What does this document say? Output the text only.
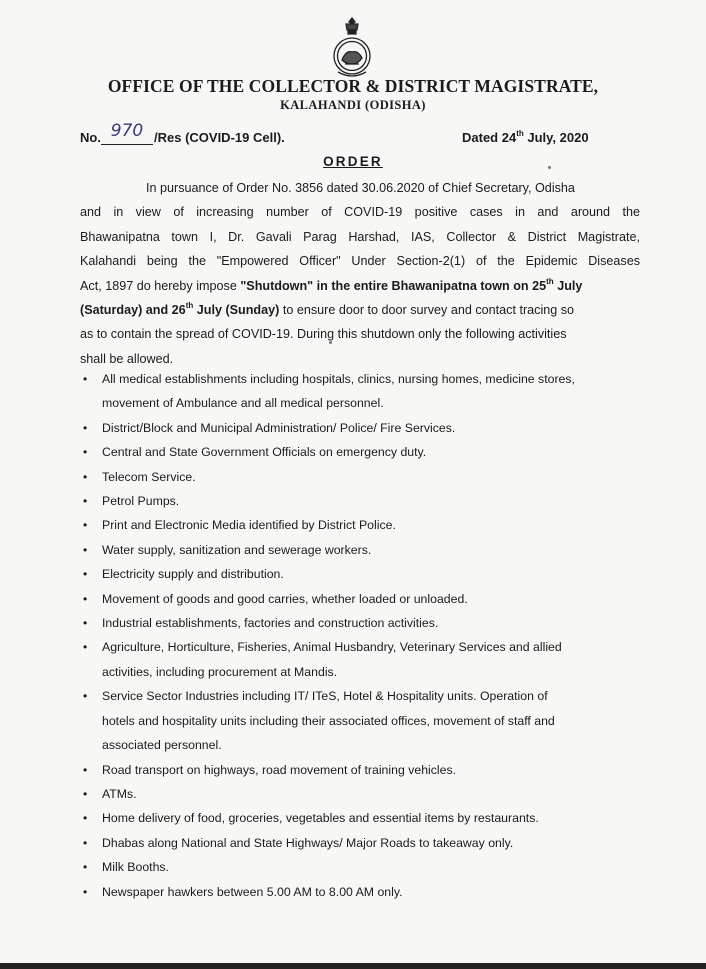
OFFICE OF THE COLLECTOR & DISTRICT MAGISTRATE,
KALAHANDI (ODISHA)
No. 970 /Res (COVID-19 Cell).	Dated 24th July, 2020
ORDER
In pursuance of Order No. 3856 dated 30.06.2020 of Chief Secretary, Odisha
and in view of increasing number of COVID-19 positive cases in and around the
Bhawanipatna town I, Dr. Gavali Parag Harshad, IAS, Collector & District Magistrate,
Kalahandi being the "Empowered Officer" Under Section-2(1) of the Epidemic Diseases
Act, 1897 do hereby impose "Shutdown" in the entire Bhawanipatna town on 25th July
(Saturday) and 26th July (Sunday) to ensure door to door survey and contact tracing so
as to contain the spread of COVID-19. During this shutdown only the following activities
shall be allowed.
• All medical establishments including hospitals, clinics, nursing homes, medicine stores,
movement of Ambulance and all medical personnel.
• District/Block and Municipal Administration/ Police/ Fire Services.
• Central and State Government Officials on emergency duty.
• Telecom Service.
• Petrol Pumps.
• Print and Electronic Media identified by District Police.
• Water supply, sanitization and sewerage workers.
• Electricity supply and distribution.
• Movement of goods and good carries, whether loaded or unloaded.
• Industrial establishments, factories and construction activities.
• Agriculture, Horticulture, Fisheries, Animal Husbandry, Veterinary Services and allied
activities, including procurement at Mandis.
• Service Sector Industries including IT/ ITeS, Hotel & Hospitality units. Operation of
hotels and hospitality units including their associated offices, movement of staff and
associated personnel.
• Road transport on highways, road movement of training vehicles.
• ATMs.
• Home delivery of food, groceries, vegetables and essential items by restaurants.
• Dhabas along National and State Highways/ Major Roads to takeaway only.
• Milk Booths.
• Newspaper hawkers between 5.00 AM to 8.00 AM only.
